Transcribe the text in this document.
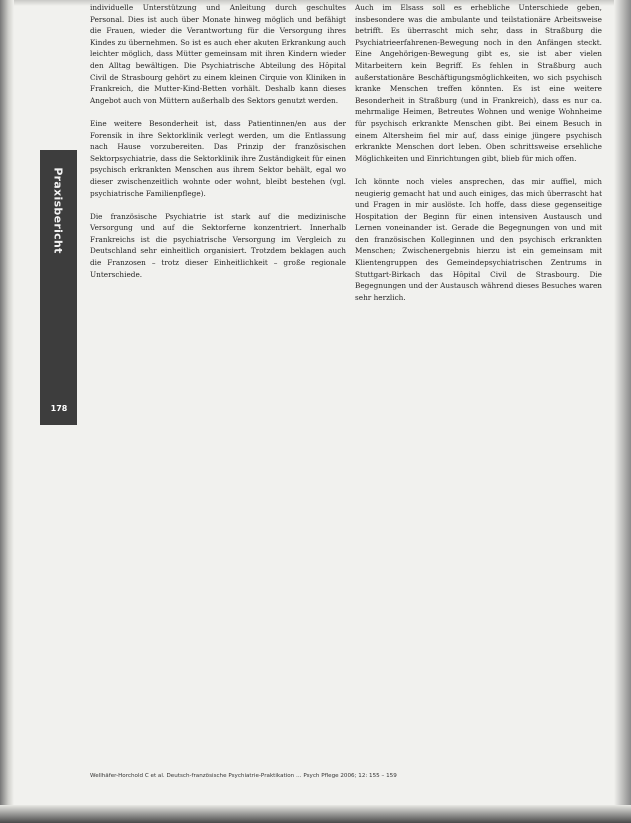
Praxisbericht
178

individuelle Unterstützung und Anleitung durch geschultes Personal. Dies ist auch über Monate hinweg möglich und befähigt die Frauen, wieder die Verantwortung für die Versorgung ihres Kindes zu übernehmen. So ist es auch eher akuten Erkrankung auch leichter möglich, dass Mütter gemeinsam mit ihren Kindern wieder den Alltag bewältigen. Die Psychiatrische Abteilung des Hôpital Civil de Strasbourg gehört zu einem kleinen Cirquie von Kliniken in Frankreich, die Mutter-Kind-Betten vorhält. Deshalb kann dieses Angebot auch von Müttern außerhalb des Sektors genutzt werden.

Eine weitere Besonderheit ist, dass Patientinnen/en aus der Forensik in ihre Sektorklinik verlegt werden, um die Entlassung nach Hause vorzubereiten. Das Prinzip der französischen Sektorpsychiatrie, dass die Sektorklinik ihre Zuständigkeit für einen psychisch erkrankten Menschen aus ihrem Sektor behält, egal wo dieser zwischenzeitlich wohnte oder wohnt, bleibt bestehen (vgl. psychiatrische Familienpflege).

Die französische Psychiatrie ist stark auf die medizinische Versorgung und auf die Sektorferne konzentriert. Innerhalb Frankreichs ist die psychiatrische Versorgung im Vergleich zu Deutschland sehr einheitlich organisiert. Trotzdem beklagen auch die Franzosen – trotz dieser Einheitlichkeit – große regionale Unterschiede.

Auch im Elsass soll es erhebliche Unterschiede geben, insbesondere was die ambulante und teilstationäre Arbeitsweise betrifft. Es überrascht mich sehr, dass in Straßburg die Psychiatrieerfahrenen-Bewegung noch in den Anfängen steckt. Eine Angehörigen-Bewegung gibt es, sie ist aber vielen Mitarbeitern kein Begriff. Es fehlen in Straßburg auch außerstationäre Beschäftigungsmöglichkeiten, wo sich psychisch kranke Menschen treffen könnten. Es ist eine weitere Besonderheit in Straßburg (und in Frankreich), dass es nur ca. mehrmalige Heimen, Betreutes Wohnen und wenige Wohnheime für psychisch erkrankte Menschen gibt. Bei einem Besuch in einem Altersheim fiel mir auf, dass einige jüngere psychisch erkrankte Menschen dort leben. Oben schrittsweise ersehliche Möglichkeiten und Einrichtungen gibt, blieb für mich offen.

Ich könnte noch vieles ansprechen, das mir auffiel, mich neugierig gemacht hat und auch einiges, das mich überrascht hat und Fragen in mir auslöste. Ich hoffe, dass diese gegenseitige Hospitation der Beginn für einen intensiven Austausch und Lernen voneinander ist. Gerade die Begegnungen von und mit den französischen Kolleginnen und den psychisch erkrankten Menschen; Zwischenergebnis hierzu ist ein gemeinsam mit Klientengruppen des Gemeindepsychiatrischen Zentrums in Stuttgart-Birkach das Hôpital Civil de Strasbourg. Die Begegnungen und der Austausch während dieses Besuches waren sehr herzlich.

Wellhäfer-Horchold C et al. Deutsch-französische Psychiatrie-Praktikation … Psych Pflege 2006; 12: 155 – 159
